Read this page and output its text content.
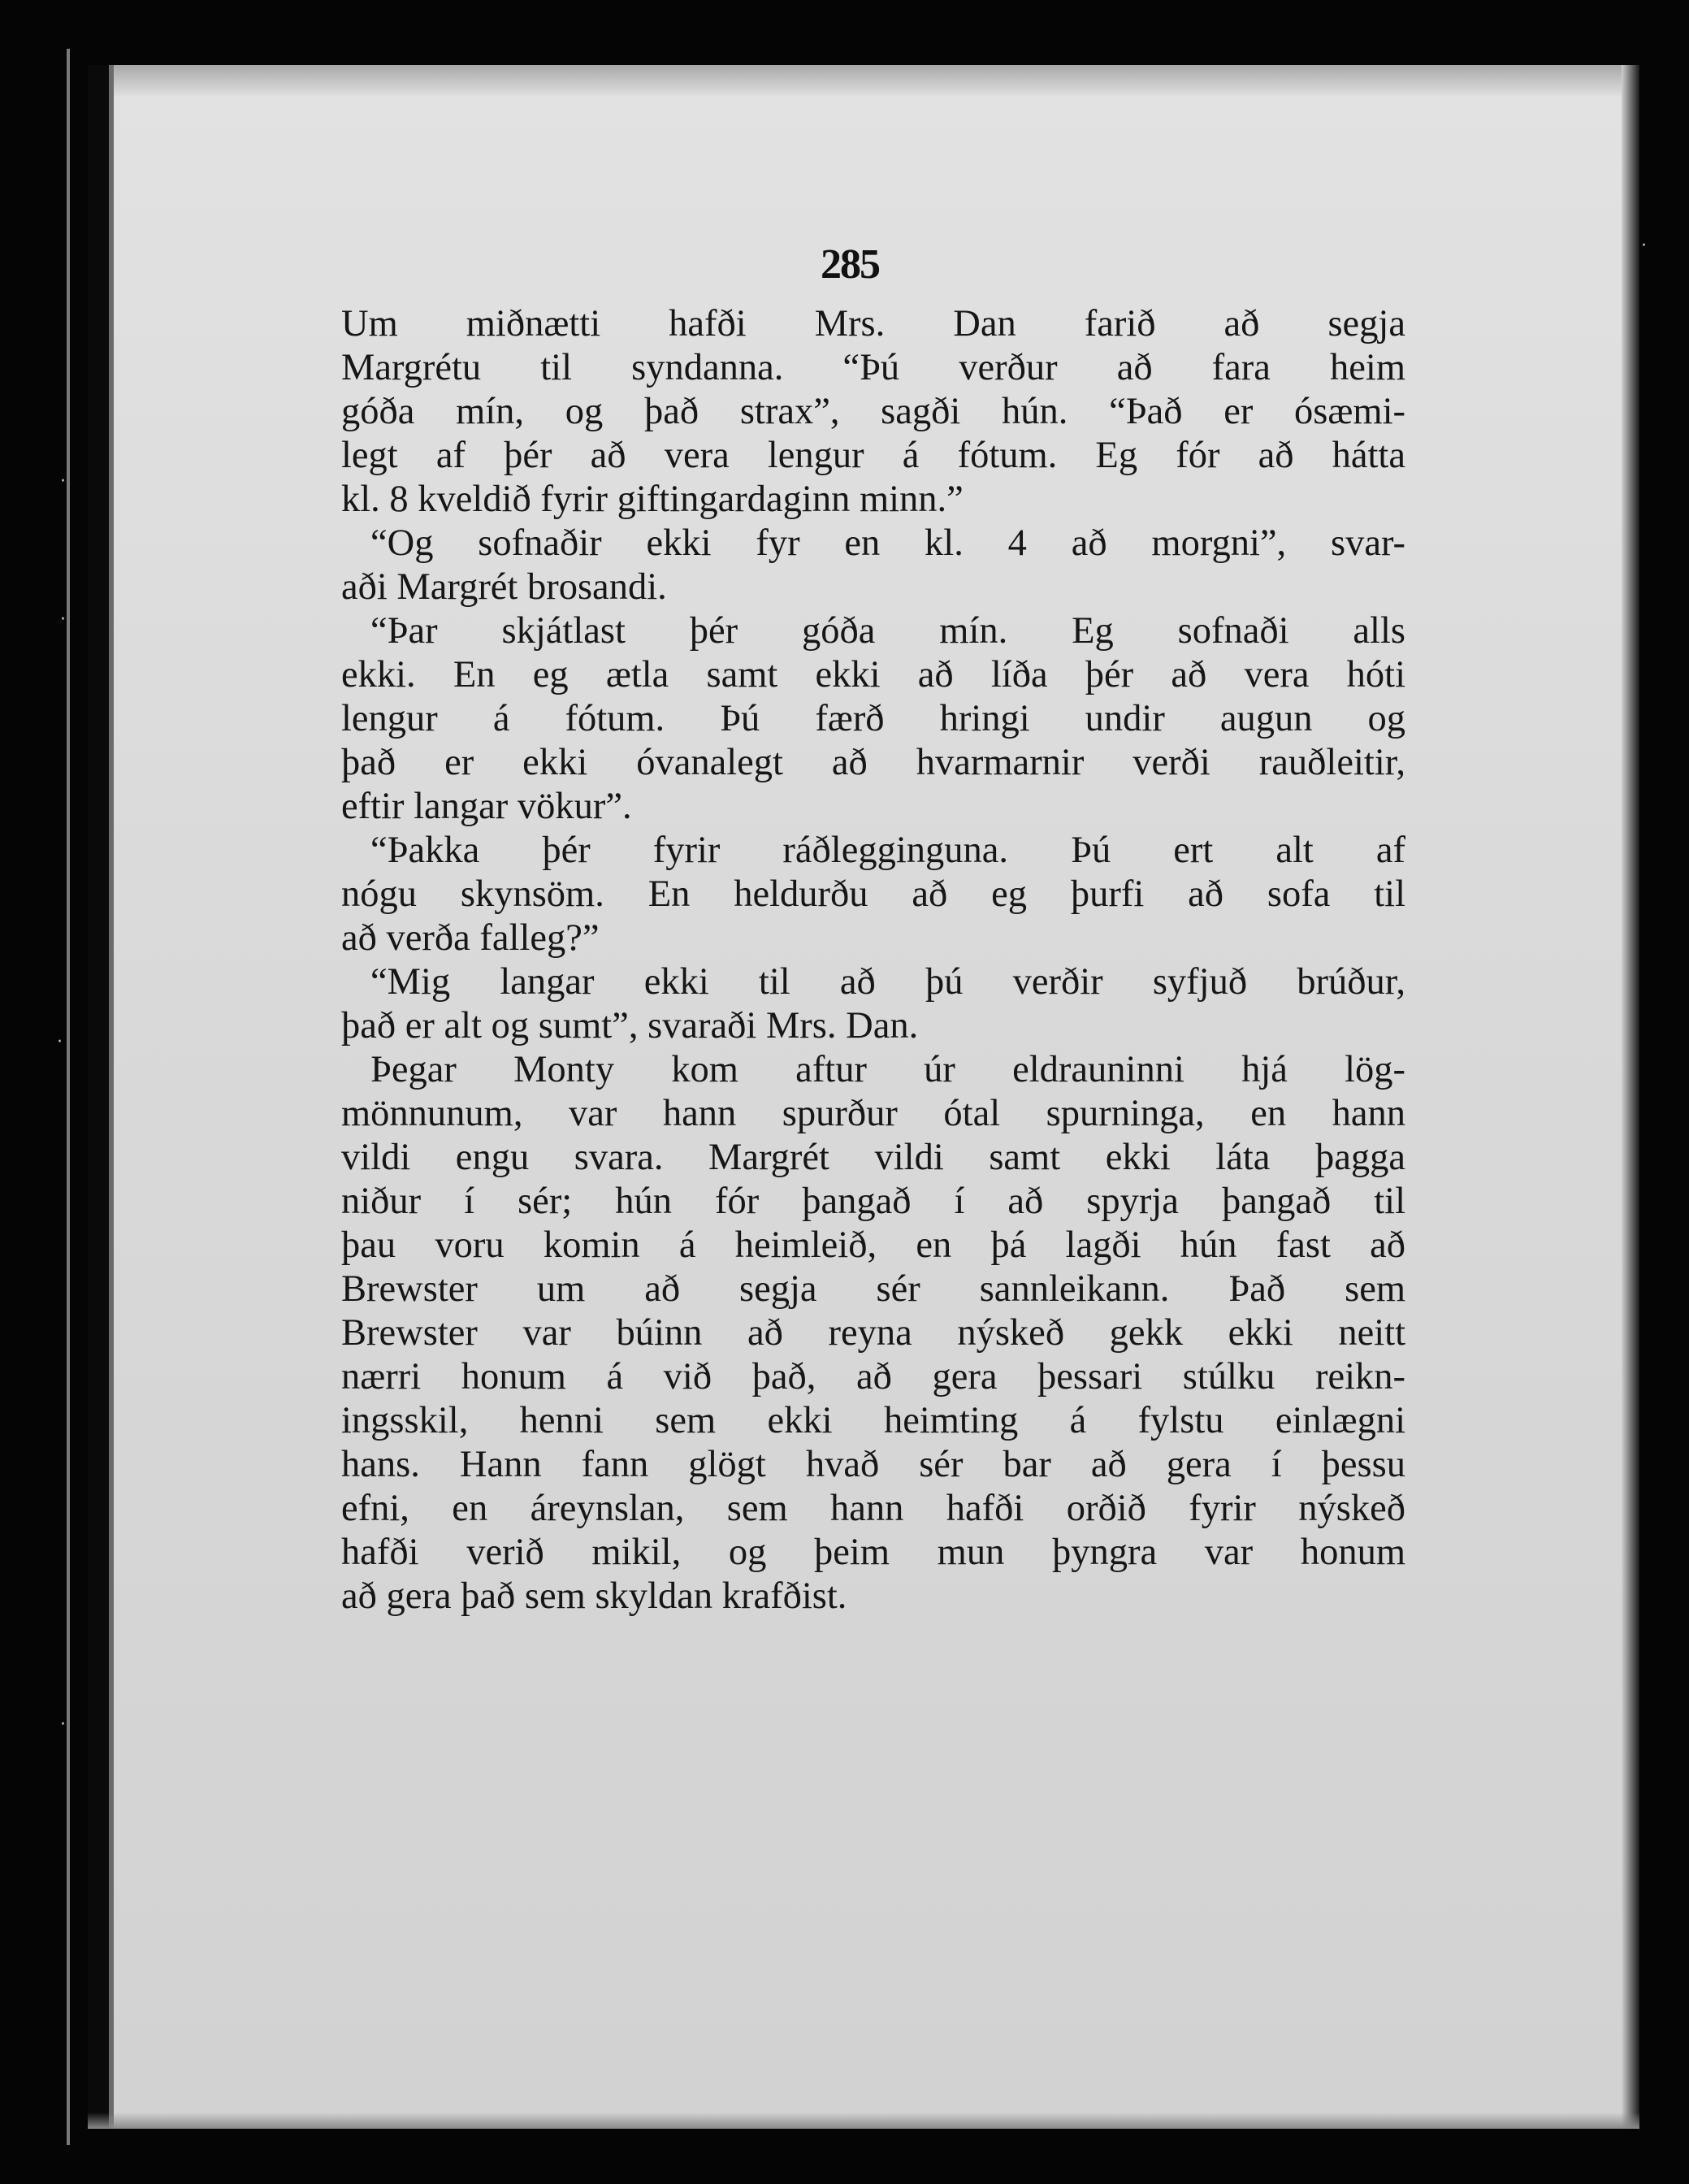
·
·
·
·
·
285
Um miðnætti hafði Mrs. Dan farið að segja
Margrétu til syndanna. “Þú verður að fara heim
góða mín, og það strax”, sagði hún. “Það er ósæmi-
legt af þér að vera lengur á fótum. Eg fór að hátta
kl. 8 kveldið fyrir giftingardaginn minn.”
“Og sofnaðir ekki fyr en kl. 4 að morgni”, svar-
aði Margrét brosandi.
“Þar skjátlast þér góða mín. Eg sofnaði alls
ekki. En eg ætla samt ekki að líða þér að vera hóti
lengur á fótum. Þú færð hringi undir augun og
það er ekki óvanalegt að hvarmarnir verði rauðleitir,
eftir langar vökur”.
“Þakka þér fyrir ráðlegginguna. Þú ert alt af
nógu skynsöm. En heldurðu að eg þurfi að sofa til
að verða falleg?”
“Mig langar ekki til að þú verðir syfjuð brúður,
það er alt og sumt”, svaraði Mrs. Dan.
Þegar Monty kom aftur úr eldrauninni hjá lög-
mönnunum, var hann spurður ótal spurninga, en hann
vildi engu svara. Margrét vildi samt ekki láta þagga
niður í sér; hún fór þangað í að spyrja þangað til
þau voru komin á heimleið, en þá lagði hún fast að
Brewster um að segja sér sannleikann. Það sem
Brewster var búinn að reyna nýskeð gekk ekki neitt
nærri honum á við það, að gera þessari stúlku reikn-
ingsskil, henni sem ekki heimting á fylstu einlægni
hans. Hann fann glögt hvað sér bar að gera í þessu
efni, en áreynslan, sem hann hafði orðið fyrir nýskeð
hafði verið mikil, og þeim mun þyngra var honum
að gera það sem skyldan krafðist.
